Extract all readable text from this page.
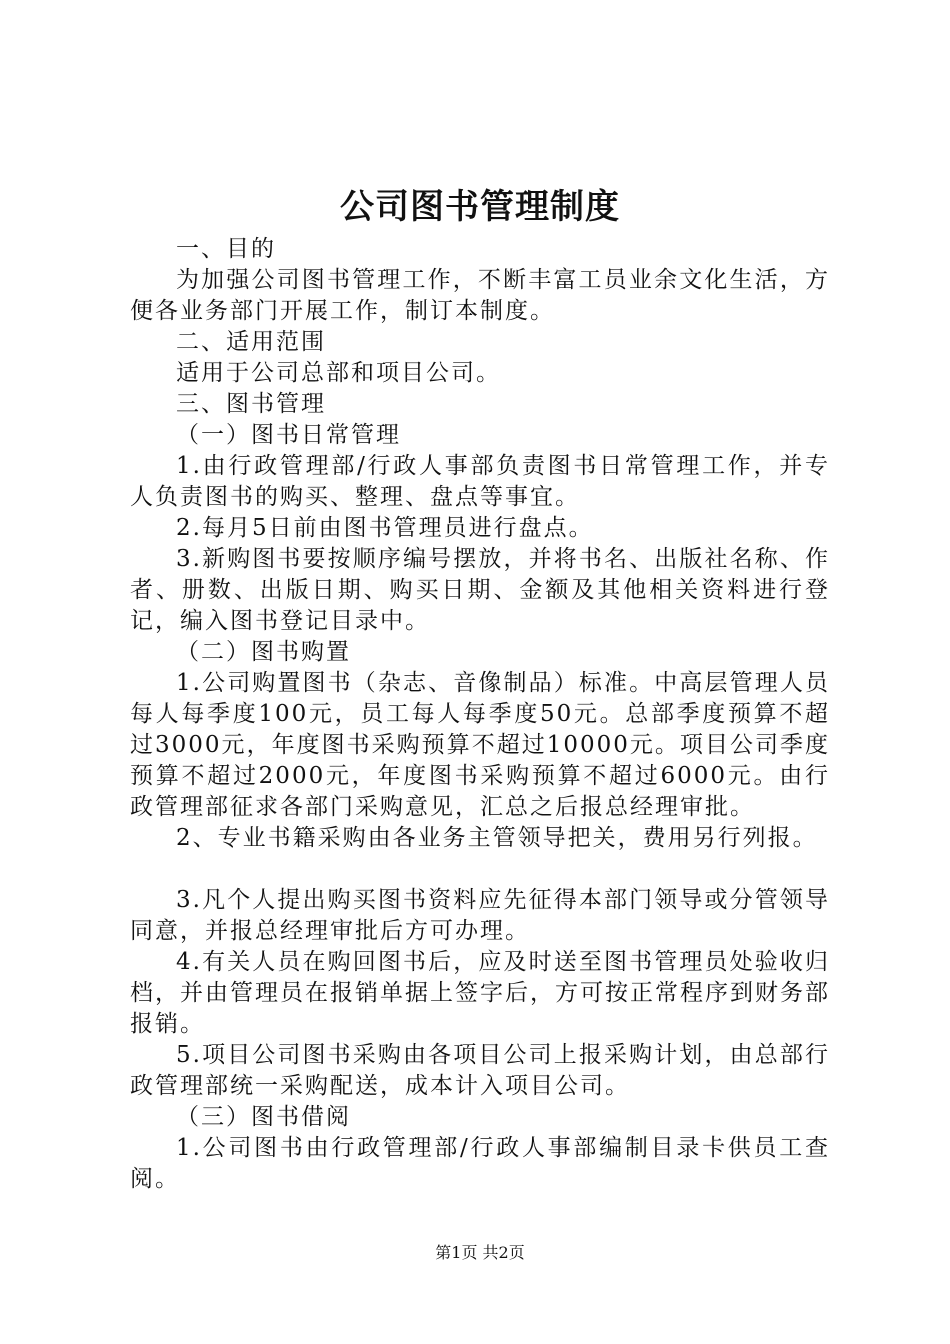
公司图书管理制度

一、目的

为加强公司图书管理工作，不断丰富工员业余文化生活，方便各业务部门开展工作，制订本制度。

二、适用范围

适用于公司总部和项目公司。

三、图书管理

（一）图书日常管理

1.由行政管理部/行政人事部负责图书日常管理工作，并专人负责图书的购买、整理、盘点等事宜。

2.每月5日前由图书管理员进行盘点。

3.新购图书要按顺序编号摆放，并将书名、出版社名称、作者、册数、出版日期、购买日期、金额及其他相关资料进行登记，编入图书登记目录中。

（二）图书购置

1.公司购置图书（杂志、音像制品）标准。中高层管理人员每人每季度100元，员工每人每季度50元。总部季度预算不超过3000元，年度图书采购预算不超过10000元。项目公司季度预算不超过2000元，年度图书采购预算不超过6000元。由行政管理部征求各部门采购意见，汇总之后报总经理审批。

2、专业书籍采购由各业务主管领导把关，费用另行列报。

3.凡个人提出购买图书资料应先征得本部门领导或分管领导同意，并报总经理审批后方可办理。

4.有关人员在购回图书后，应及时送至图书管理员处验收归档，并由管理员在报销单据上签字后，方可按正常程序到财务部报销。

5.项目公司图书采购由各项目公司上报采购计划，由总部行政管理部统一采购配送，成本计入项目公司。

（三）图书借阅

1.公司图书由行政管理部/行政人事部编制目录卡供员工查阅。

第1页 共2页
